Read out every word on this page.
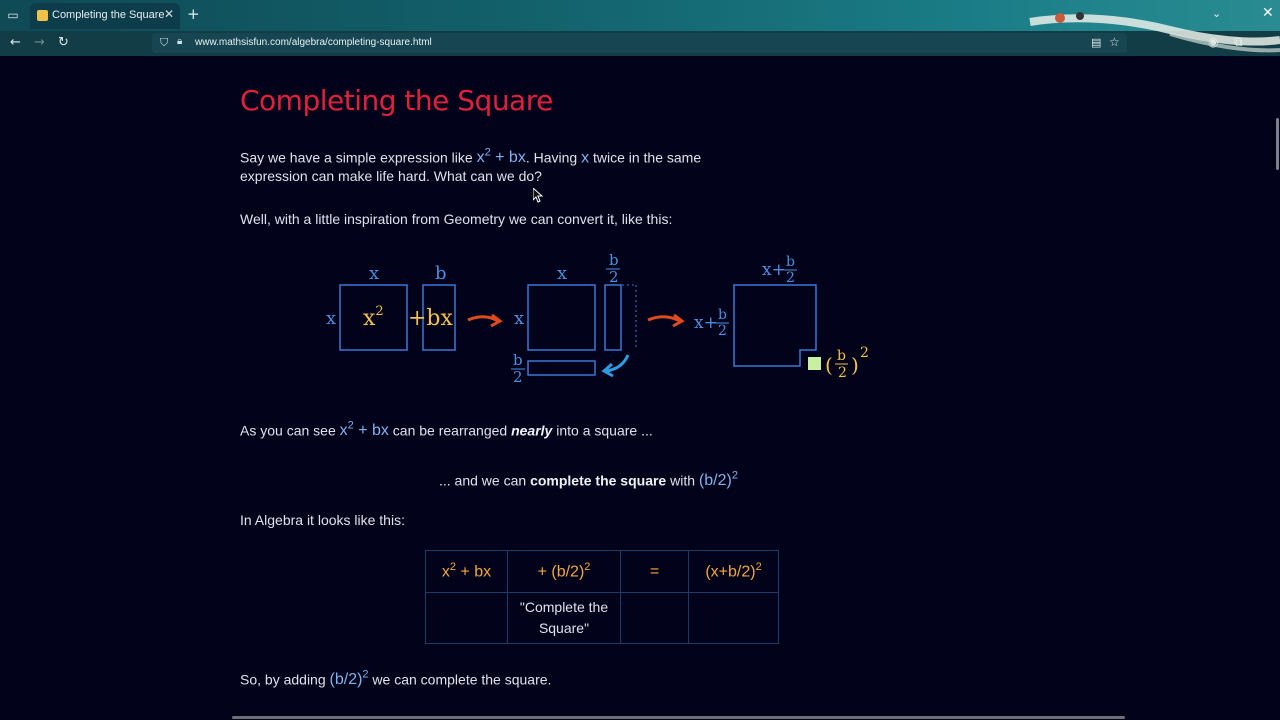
▭	Completing the Square ✕ +	⌄	✕
← → ↻	⛉ 🔒︎ www.mathsisfun.com/algebra/completing-square.html	▤ ☆	◉ ⧉
Completing the Square
Say we have a simple expression like $x^2$ + bx. Having x twice in the same
expression can make life hard. What can we do?
Well, with a little inspiration from Geometry we can convert it, like this:
x
x $x^2$
b
+bx
x
x
b
2
b
2
x+ b
2
x+ b
2
( b
2 ) 2
As you can see $x^2$ + bx can be rearranged nearly into a square ...
... and we can complete the square with $(b/2)^2$
In Algebra it looks like this:
$x^2$ + bx	+ $(b/2)^2$	=	$(x+b/2)^2$
	"Complete the
Square"		
So, by adding $(b/2)^2$ we can complete the square.
